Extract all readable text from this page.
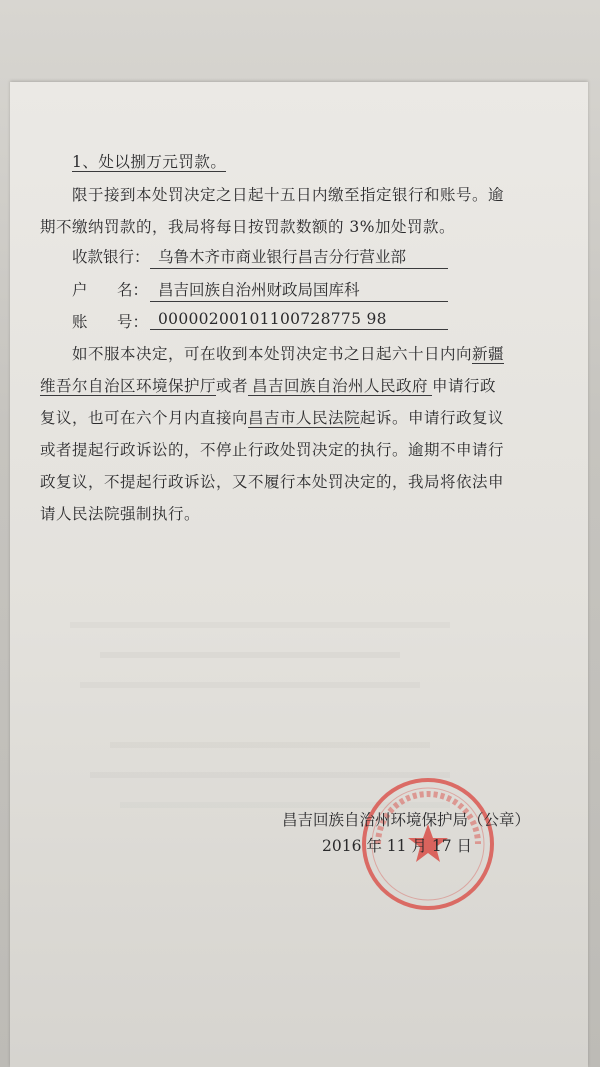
1、处以捌万元罚款。
限于接到本处罚决定之日起十五日内缴至指定银行和账号。逾
期不缴纳罚款的，我局将每日按罚款数额的 3%加处罚款。
收款银行： 乌鲁木齐市商业银行昌吉分行营业部
户      名： 昌吉回族自治州财政局国库科
账      号： 00000200101100728775 98
如不服本决定，可在收到本处罚决定书之日起六十日内向新疆
维吾尔自治区环境保护厅或者 昌吉回族自治州人民政府 申请行政
复议，也可在六个月内直接向昌吉市人民法院起诉。申请行政复议
或者提起行政诉讼的，不停止行政处罚决定的执行。逾期不申请行
政复议，不提起行政诉讼，又不履行本处罚决定的，我局将依法申
请人民法院强制执行。
昌吉回族自治州环境保护局（公章）
2016 年 11 月 17 日
